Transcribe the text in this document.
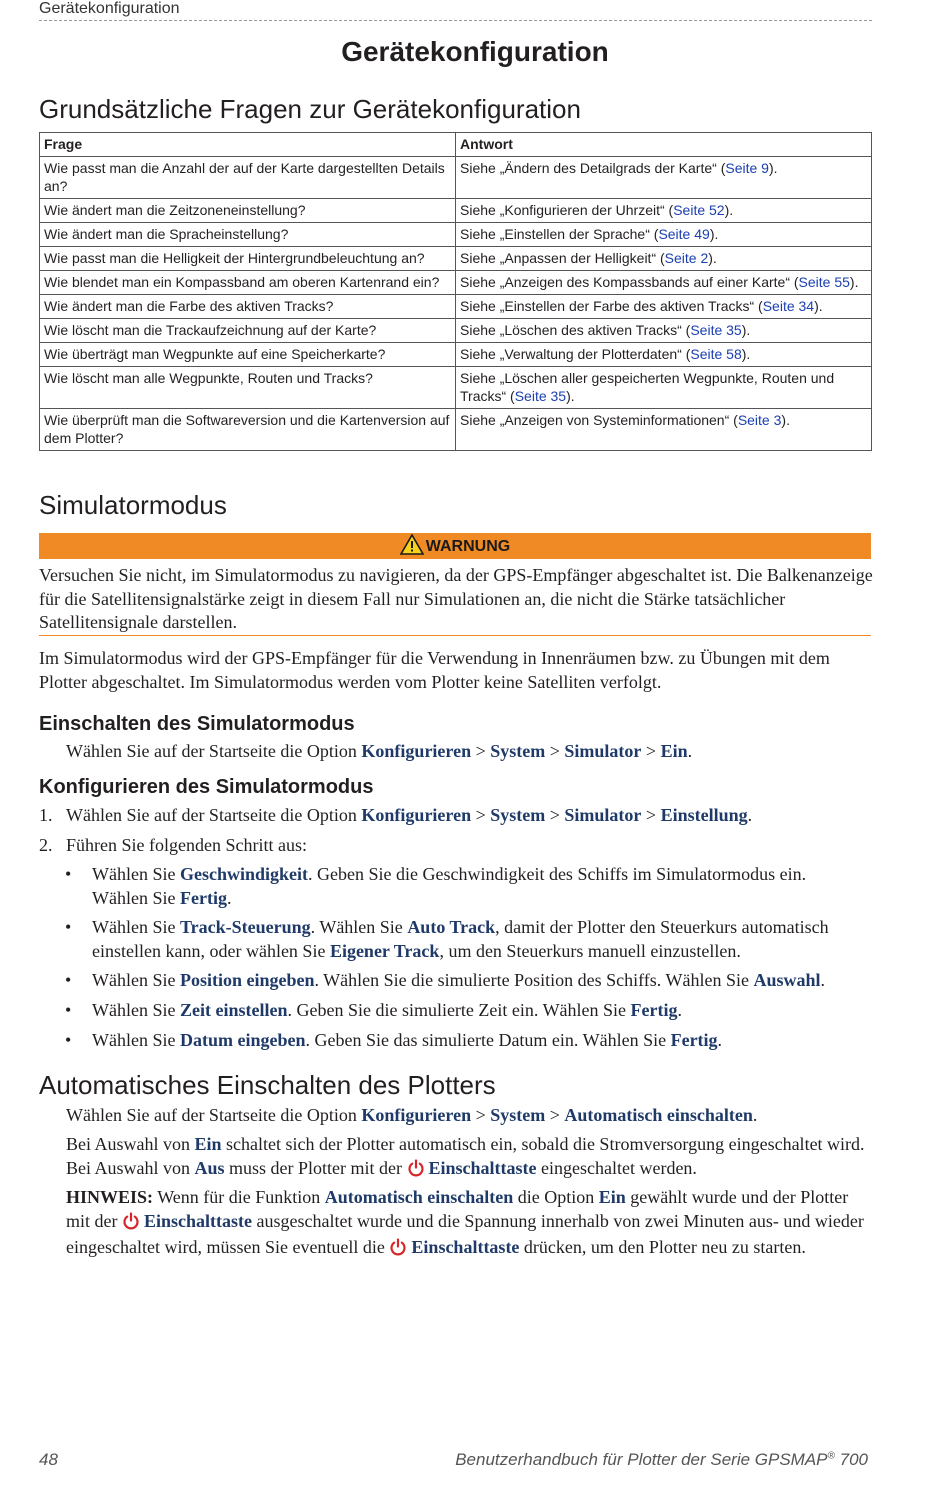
Gerätekonfiguration
Gerätekonfiguration
Grundsätzliche Fragen zur Gerätekonfiguration
Frage	Antwort
Wie passt man die Anzahl der auf der Karte dargestellten Details an?	Siehe „Ändern des Detailgrads der Karte“ (Seite 9).
Wie ändert man die Zeitzoneneinstellung?	Siehe „Konfigurieren der Uhrzeit“ (Seite 52).
Wie ändert man die Spracheinstellung?	Siehe „Einstellen der Sprache“ (Seite 49).
Wie passt man die Helligkeit der Hintergrundbeleuchtung an?	Siehe „Anpassen der Helligkeit“ (Seite 2).
Wie blendet man ein Kompassband am oberen Kartenrand ein?	Siehe „Anzeigen des Kompassbands auf einer Karte“ (Seite 55).
Wie ändert man die Farbe des aktiven Tracks?	Siehe „Einstellen der Farbe des aktiven Tracks“ (Seite 34).
Wie löscht man die Trackaufzeichnung auf der Karte?	Siehe „Löschen des aktiven Tracks“ (Seite 35).
Wie überträgt man Wegpunkte auf eine Speicherkarte?	Siehe „Verwaltung der Plotterdaten“ (Seite 58).
Wie löscht man alle Wegpunkte, Routen und Tracks?	Siehe „Löschen aller gespeicherten Wegpunkte, Routen und Tracks“ (Seite 35).
Wie überprüft man die Softwareversion und die Kartenversion auf dem Plotter?	Siehe „Anzeigen von Systeminformationen“ (Seite 3).
Simulatormodus
WARNUNG
Versuchen Sie nicht, im Simulatormodus zu navigieren, da der GPS-Empfänger abgeschaltet ist. Die Balkenanzeige für die Satellitensignalstärke zeigt in diesem Fall nur Simulationen an, die nicht die Stärke tatsächlicher Satellitensignale darstellen.
Im Simulatormodus wird der GPS-Empfänger für die Verwendung in Innenräumen bzw. zu Übungen mit dem Plotter abgeschaltet. Im Simulatormodus werden vom Plotter keine Satelliten verfolgt.
Einschalten des Simulatormodus
Wählen Sie auf der Startseite die Option Konfigurieren > System > Simulator > Ein.
Konfigurieren des Simulatormodus
1. Wählen Sie auf der Startseite die Option Konfigurieren > System > Simulator > Einstellung.
2. Führen Sie folgenden Schritt aus:
• Wählen Sie Geschwindigkeit. Geben Sie die Geschwindigkeit des Schiffs im Simulatormodus ein. Wählen Sie Fertig.
• Wählen Sie Track-Steuerung. Wählen Sie Auto Track, damit der Plotter den Steuerkurs automatisch einstellen kann, oder wählen Sie Eigener Track, um den Steuerkurs manuell einzustellen.
• Wählen Sie Position eingeben. Wählen Sie die simulierte Position des Schiffs. Wählen Sie Auswahl.
• Wählen Sie Zeit einstellen. Geben Sie die simulierte Zeit ein. Wählen Sie Fertig.
• Wählen Sie Datum eingeben. Geben Sie das simulierte Datum ein. Wählen Sie Fertig.
Automatisches Einschalten des Plotters
Wählen Sie auf der Startseite die Option Konfigurieren > System > Automatisch einschalten.
Bei Auswahl von Ein schaltet sich der Plotter automatisch ein, sobald die Stromversorgung eingeschaltet wird. Bei Auswahl von Aus muss der Plotter mit der Einschalttaste eingeschaltet werden.
HINWEIS: Wenn für die Funktion Automatisch einschalten die Option Ein gewählt wurde und der Plotter mit der Einschalttaste ausgeschaltet wurde und die Spannung innerhalb von zwei Minuten aus- und wieder eingeschaltet wird, müssen Sie eventuell die Einschalttaste drücken, um den Plotter neu zu starten.
48	Benutzerhandbuch für Plotter der Serie GPSMAP® 700
